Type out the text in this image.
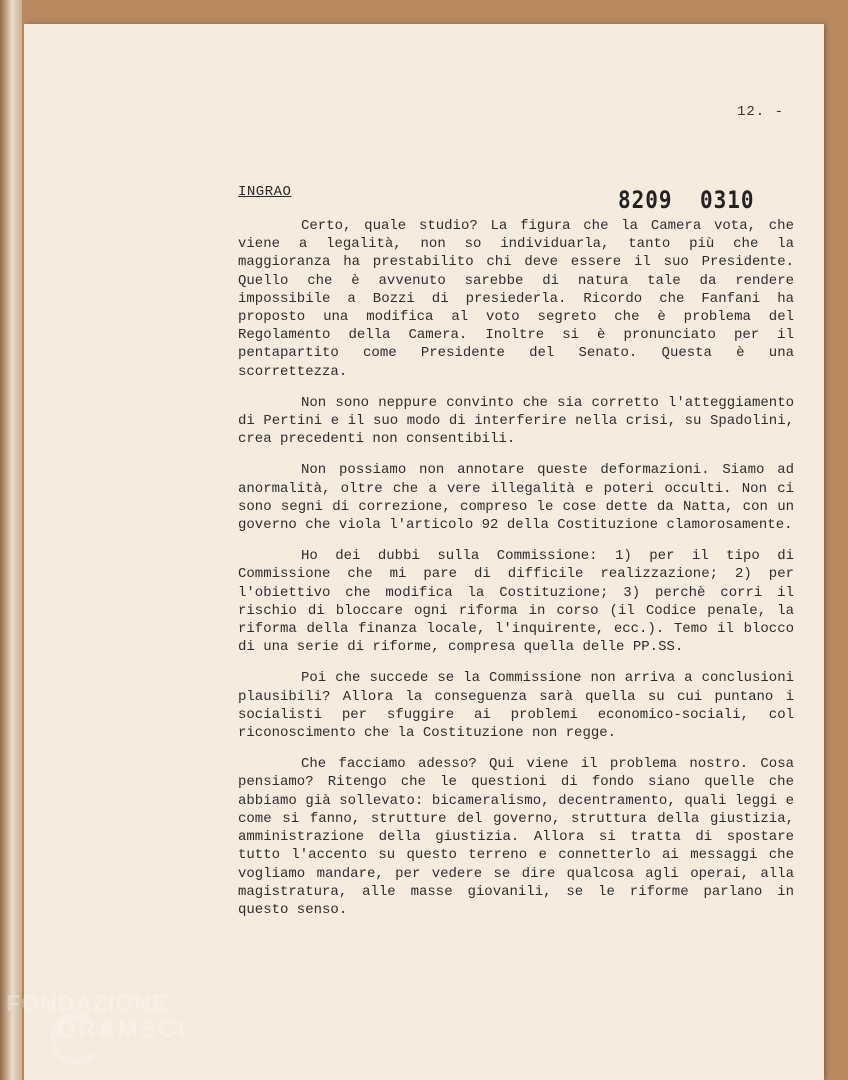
12. -
8209 0310
INGRAO

Certo, quale studio? La figura che la Camera vota, che viene a legalità, non so individuarla, tanto più che la maggioranza ha prestabilito chi deve essere il suo Presidente. Quello che è avvenuto sarebbe di natura tale da rendere impossibile a Bozzi di presiederla. Ricordo che Fanfani ha proposto una modifica al voto segreto che è problema del Regolamento della Camera. Inoltre si è pronunciato per il pentapartito come Presidente del Senato. Questa è una scorrettezza.

Non sono neppure convinto che sia corretto l'atteggiamento di Pertini e il suo modo di interferire nella crisi, su Spadolini, crea precedenti non consentibili.

Non possiamo non annotare queste deformazioni. Siamo ad anormalità, oltre che a vere illegalità e poteri occulti. Non ci sono segni di correzione, compreso le cose dette da Natta, con un governo che viola l'articolo 92 della Costituzione clamorosamente.

Ho dei dubbi sulla Commissione: 1) per il tipo di Commissione che mi pare di difficile realizzazione; 2) per l'obiettivo che modifica la Costituzione; 3) perchè corri il rischio di bloccare ogni riforma in corso (il Codice penale, la riforma della finanza locale, l'inquirente, ecc.). Temo il blocco di una serie di riforme, compresa quella delle PP.SS.

Poi che succede se la Commissione non arriva a conclusioni plausibili? Allora la conseguenza sarà quella su cui puntano i socialisti per sfuggire ai problemi economico-sociali, col riconoscimento che la Costituzione non regge.

Che facciamo adesso? Qui viene il problema nostro. Cosa pensiamo? Ritengo che le questioni di fondo siano quelle che abbiamo già sollevato: bicameralismo, decentramento, quali leggi e come si fanno, strutture del governo, struttura della giustizia, amministrazione della giustizia. Allora si tratta di spostare tutto l'accento su questo terreno e connetterlo ai messaggi che vogliamo mandare, per vedere se dire qualcosa agli operai, alla magistratura, alle masse giovanili, se le riforme parlano in questo senso.

FONDAZIONE
GRAMSCI
